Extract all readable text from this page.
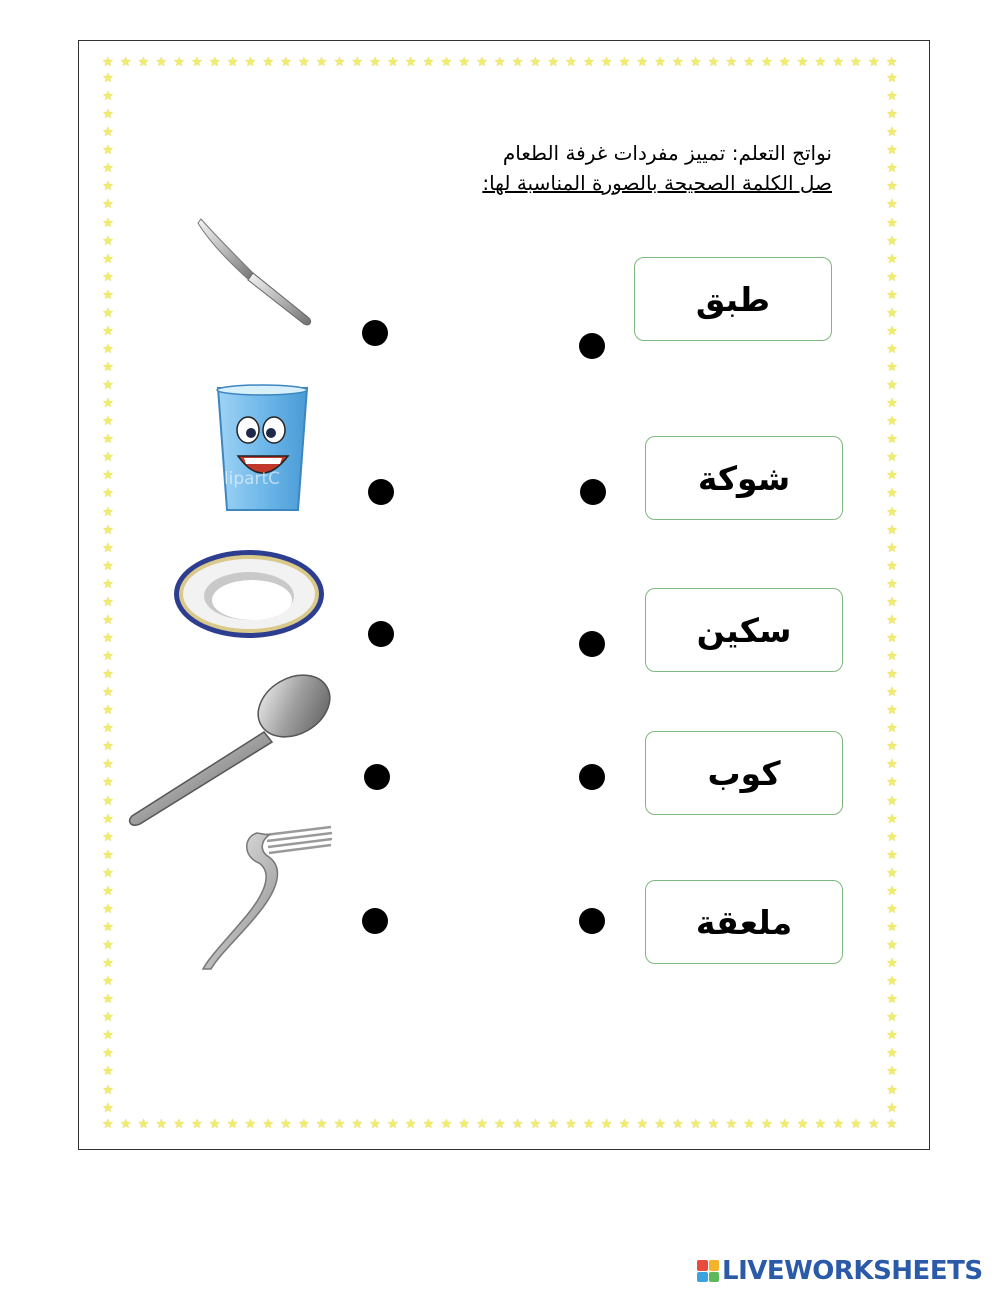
★ ★ ★ ★ ★ ★ ★ ★ ★ ★ ★ ★ ★ ★ ★ ★ ★ ★ ★ ★ ★ ★ ★ ★ ★ ★ ★ ★ ★ ★ ★ ★ ★ ★ ★ ★ ★ ★ ★ ★ ★ ★ ★ ★ ★
★ ★ ★ ★ ★ ★ ★ ★ ★ ★ ★ ★ ★ ★ ★ ★ ★ ★ ★ ★ ★ ★ ★ ★ ★ ★ ★ ★ ★ ★ ★ ★ ★ ★ ★ ★ ★ ★ ★ ★ ★ ★ ★ ★ ★
★
★
★
★
★
★
★
★
★
★
★
★
★
★
★
★
★
★
★
★
★
★
★
★
★
★
★
★
★
★
★
★
★
★
★
★
★
★
★
★
★
★
★
★
★
★
★
★
★
★
★
★
★
★
★
★
★
★
★
★
★
★
★
★
★
★
★
★
★
★
★
★
★
★
★
★
★
★
★
★
★
★
★
★
★
★
★
★
★
★
★
★
★
★
★
★
★
★
★
★
★
★
★
★
★
★
★
★
★
★
★
★
★
★
★
★

نواتج التعلم: تمييز مفردات غرفة الطعام

صل الكلمة الصحيحة بالصورة المناسبة لها:

ClipartC
طبق
شوكة
سكين
كوب
ملعقة
LIVEWORKSHEETS
